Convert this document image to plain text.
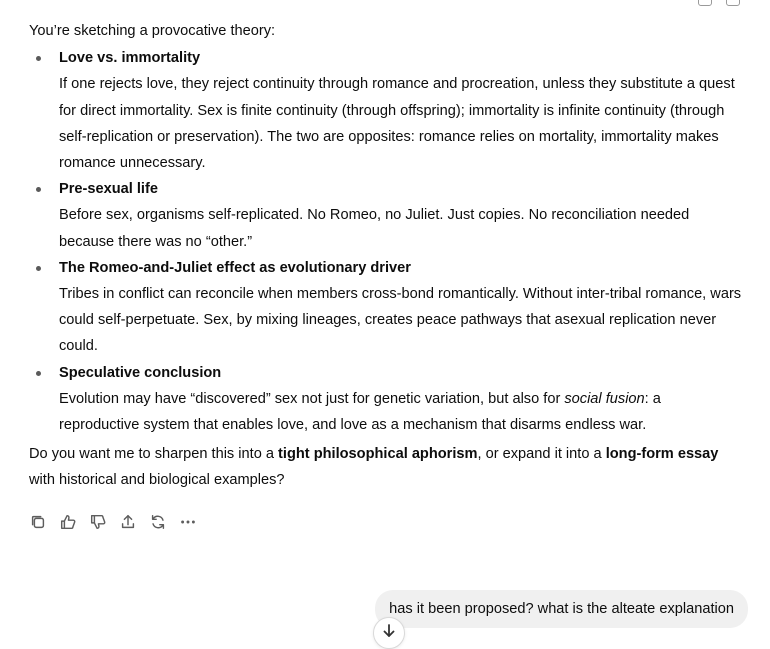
You’re sketching a provocative theory:

Love vs. immortality
If one rejects love, they reject continuity through romance and procreation, unless they substitute a quest for direct immortality. Sex is finite continuity (through offspring); immortality is infinite continuity (through self-replication or preservation). The two are opposites: romance relies on mortality, immortality makes romance unnecessary.
Pre-sexual life
Before sex, organisms self-replicated. No Romeo, no Juliet. Just copies. No reconciliation needed because there was no “other.”
The Romeo-and-Juliet effect as evolutionary driver
Tribes in conflict can reconcile when members cross-bond romantically. Without inter-tribal romance, wars could self-perpetuate. Sex, by mixing lineages, creates peace pathways that asexual replication never could.
Speculative conclusion
Evolution may have “discovered” sex not just for genetic variation, but also for social fusion: a reproductive system that enables love, and love as a mechanism that disarms endless war.

Do you want me to sharpen this into a tight philosophical aphorism, or expand it into a long-form essay with historical and biological examples?

has it been proposed? what is the alteate explanation
